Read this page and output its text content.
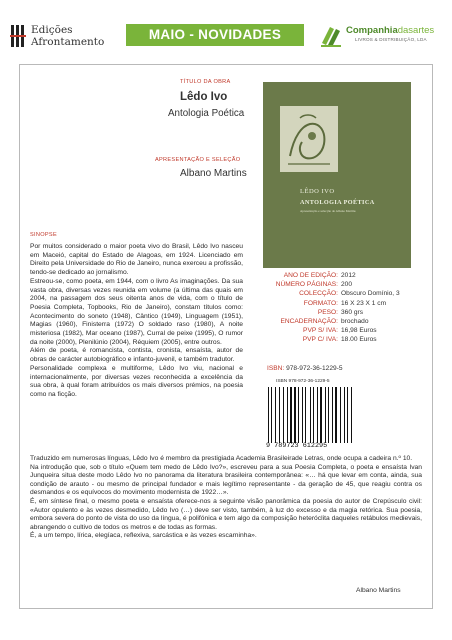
Edições
Afrontamento	MAIO - NOVIDADES	Companhiadasartes
LIVROS & DISTRIBUIÇÃO, LDA
TÍTULO DA OBRA
Lêdo Ivo
Antologia Poética
APRESENTAÇÃO E SELEÇÃO
Albano Martins
LÊDO IVO
ANTOLOGIA POÉTICA
Apresentação e selecção de Albano Martins
ANO DE EDIÇÃO: 2012
NÚMERO PÁGINAS: 200
COLECÇÃO: Obscuro Domínio, 3
FORMATO: 16 X 23 X 1 cm
PESO: 360 grs
ENCADERNAÇÃO: brochado
PVP S/ IVA: 16,98 Euros
PVP C/ IVA: 18.00 Euros
ISBN: 978-972-36-1229-5
ISBN 978-972-36-1229-5
9 789723 612295
SINOPSE

Por muitos considerado o maior poeta vivo do Brasil, Lêdo Ivo nasceu em Maceió, capital do Estado de Alagoas, em 1924. Licenciado em Direito pela Universidade do Rio de Janeiro, nunca exerceu a profissão, tendo-se dedicado ao jornalismo.

Estreou-se, como poeta, em 1944, com o livro As imaginações. Da sua vasta obra, diversas vezes reunida em volume (a última das quais em 2004, na passagem dos seus oitenta anos de vida, com o título de Poesia Completa, Topbooks, Rio de Janeiro), constam títulos como: Acontecimento do soneto (1948), Cântico (1949), Linguagem (1951), Magias (1960), Finisterra (1972) O soldado raso (1980), A noite misteriosa (1982), Mar oceano (1987), Curral de peixe (1995), O rumor da noite (2000), Plenilúnio (2004), Réquiem (2005), entre outros.

Além de poeta, é romancista, contista, cronista, ensaísta, autor de obras de carácter autobiográfico e infanto-juvenil, e também tradutor.

Personalidade complexa e multiforme, Lêdo Ivo viu, nacional e internacionalmente, por diversas vezes reconhecida a excelência da sua obra, à qual foram atribuídos os mais diversos prémios, na poesia como na ficção.

Traduzido em numerosas línguas, Lêdo Ivo é membro da prestigiada Academia Brasileirade Letras, onde ocupa a cadeira n.º 10.

Na introdução que, sob o título «Quem tem medo de Lêdo Ivo?», escreveu para a sua Poesia Completa, o poeta e ensaísta Ivan Junqueira situa deste modo Lêdo Ivo no panorama da literatura brasileira contemporânea: «… há que levar em conta, ainda, sua condição de arauto - ou mesmo de principal fundador e mais legítimo representante - da geração de 45, que reagiu contra os desmandos e os equívocos do movimento modernista de 1922…».

É, em síntese final, o mesmo poeta e ensaísta oferece-nos a seguinte visão panorâmica da poesia do autor de Crepúsculo civil: «Autor opulento e às vezes desmedido, Lêdo Ivo (…) deve ser visto, também, à luz do excesso e da magia retórica. Sua poesia, embora severa do ponto de vista do uso da língua, é polifónica e tem algo da composição heteróclita daqueles retábulos medievais, abrangendo o cultivo de todos os metros e de todas as formas.

É, a um tempo, lírica, elegíaca, reflexiva, sarcástica e às vezes escarninha».

Albano Martins
